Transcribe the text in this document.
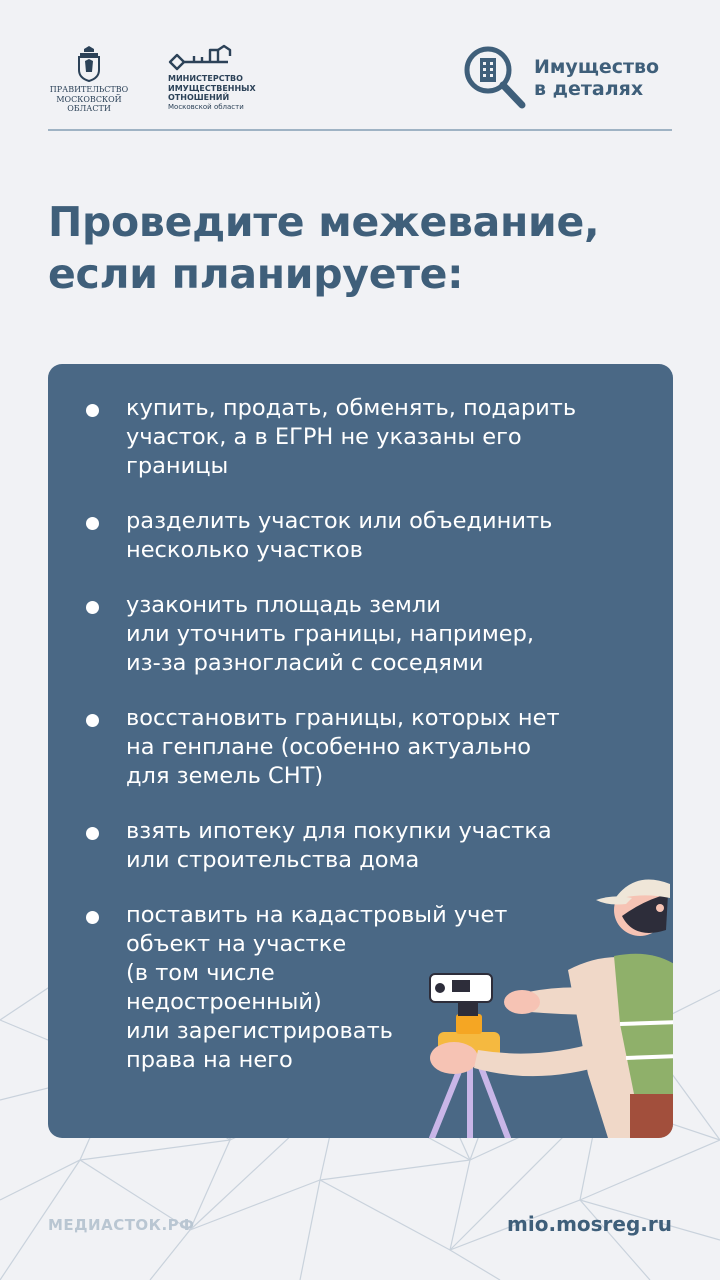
ПРАВИТЕЛЬСТВО
МОСКОВСКОЙ
ОБЛАСТИ
МИНИСТЕРСТВО
ИМУЩЕСТВЕННЫХ
ОТНОШЕНИЙ
Московской области
Имущество
в деталях
Проведите межевание,
если планируете:
купить, продать, обменять, подарить
участок, а в ЕГРН не указаны его
границы
разделить участок или объединить
несколько участков
узаконить площадь земли
или уточнить границы, например,
из-за разногласий с соседями
восстановить границы, которых нет
на генплане (особенно актуально
для земель СНТ)
взять ипотеку для покупки участка
или строительства дома
поставить на кадастровый учет
объект на участке
(в том числе
недостроенный)
или зарегистрировать
права на него
МЕДИАСТОК.РФ	mio.mosreg.ru
